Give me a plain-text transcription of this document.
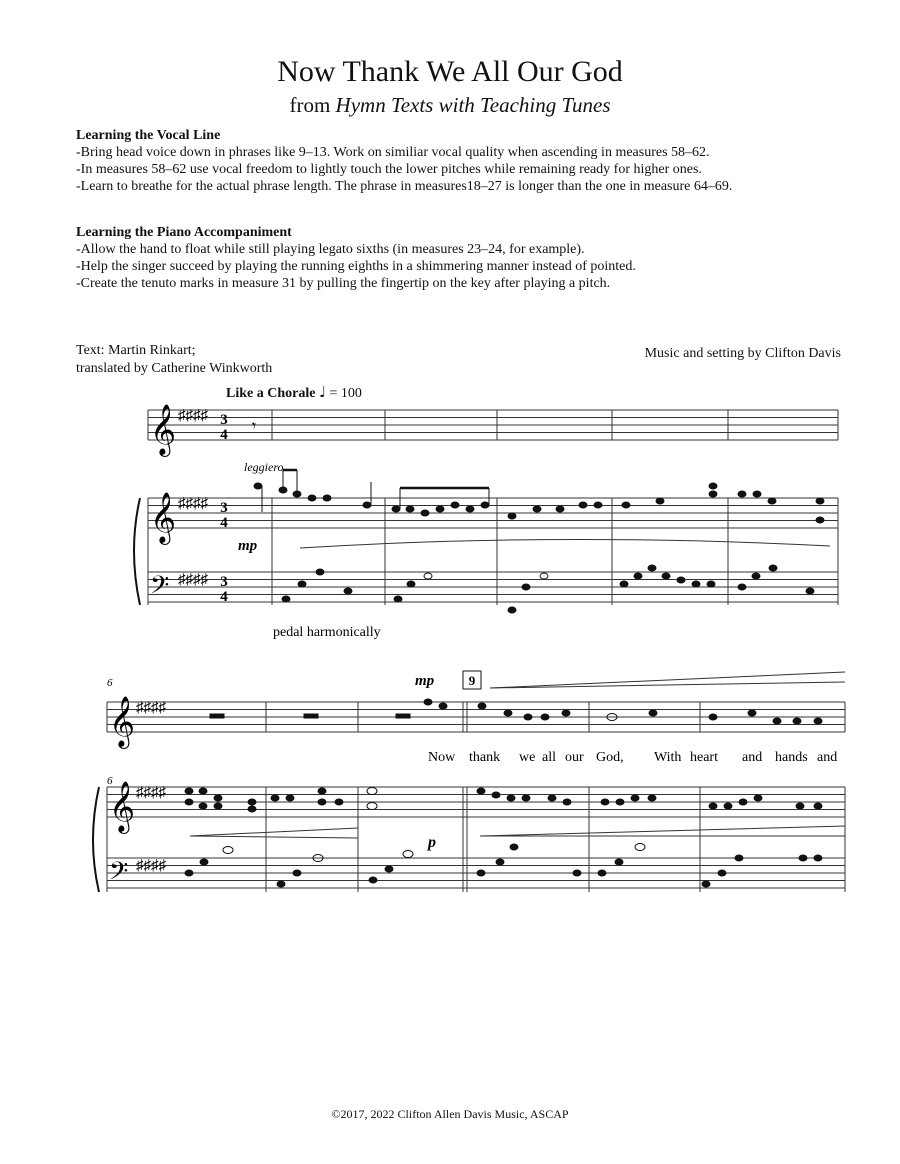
Now Thank We All Our God
from Hymn Texts with Teaching Tunes
Learning the Vocal Line
-Bring head voice down in phrases like 9–13. Work on similiar vocal quality when ascending in measures 58–62.
-In measures 58–62 use vocal freedom to lightly touch the lower pitches while remaining ready for higher ones.
-Learn to breathe for the actual phrase length. The phrase in measures18–27 is longer than the one in measure 64–69.
Learning the Piano Accompaniment
-Allow the hand to float while still playing legato sixths (in measures 23–24, for example).
-Help the singer succeed by playing the running eighths in a shimmering manner instead of pointed.
-Create the tenuto marks in measure 31 by pulling the fingertip on the key after playing a pitch.
Text: Martin Rinkart;
translated by Catherine Winkworth
Music and setting by Clifton Davis
Like a Chorale ♩ = 100
𝄞 ♯♯♯♯ 3
4 𝄾
leggiero
𝄞 ♯♯♯♯ 3
4
mp
𝄢 ♯♯♯♯ 3
4
pedal harmonically
6	mp	9
𝄞 ♯♯♯♯
Now thank we all our God, With heart and hands and
6
𝄞 ♯♯♯♯
p
𝄢 ♯♯♯♯
©2017, 2022 Clifton Allen Davis Music, ASCAP
